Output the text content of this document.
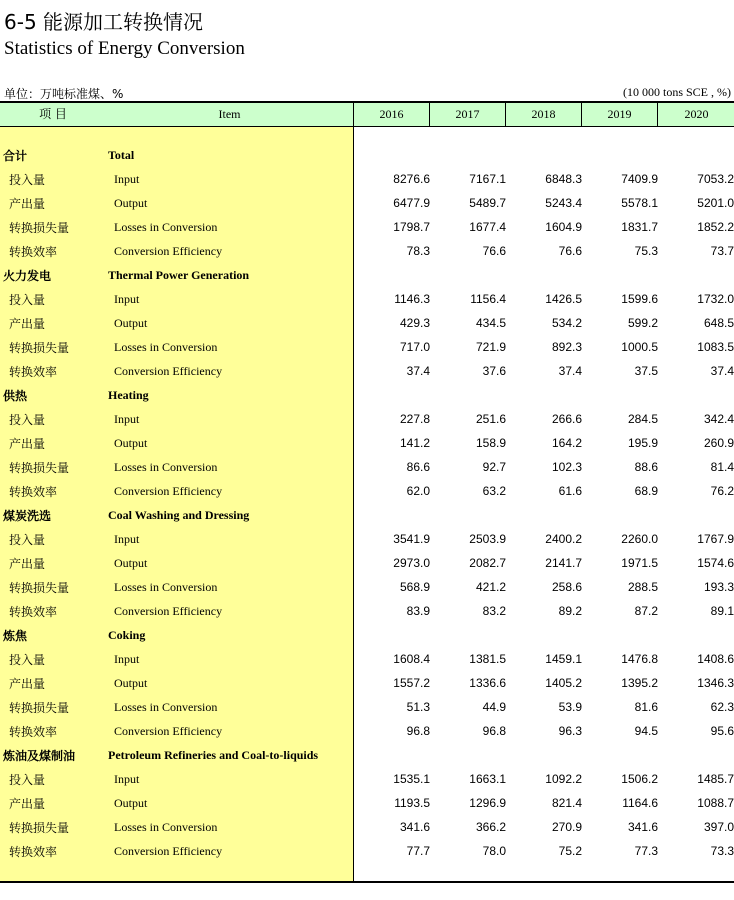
6-5 能源加工转换情况
Statistics of Energy Conversion
单位：万吨标准煤、%	(10 000 tons SCE , %)
项 目	Item	2016	2017	2018	2019	2020
合计	Total
投入量	Input	8276.6	7167.1	6848.3	7409.9	7053.2
产出量	Output	6477.9	5489.7	5243.4	5578.1	5201.0
转换损失量	Losses in Conversion	1798.7	1677.4	1604.9	1831.7	1852.2
转换效率	Conversion Efficiency	78.3	76.6	76.6	75.3	73.7
火力发电	Thermal Power Generation
投入量	Input	1146.3	1156.4	1426.5	1599.6	1732.0
产出量	Output	429.3	434.5	534.2	599.2	648.5
转换损失量	Losses in Conversion	717.0	721.9	892.3	1000.5	1083.5
转换效率	Conversion Efficiency	37.4	37.6	37.4	37.5	37.4
供热	Heating
投入量	Input	227.8	251.6	266.6	284.5	342.4
产出量	Output	141.2	158.9	164.2	195.9	260.9
转换损失量	Losses in Conversion	86.6	92.7	102.3	88.6	81.4
转换效率	Conversion Efficiency	62.0	63.2	61.6	68.9	76.2
煤炭洗选	Coal Washing and Dressing
投入量	Input	3541.9	2503.9	2400.2	2260.0	1767.9
产出量	Output	2973.0	2082.7	2141.7	1971.5	1574.6
转换损失量	Losses in Conversion	568.9	421.2	258.6	288.5	193.3
转换效率	Conversion Efficiency	83.9	83.2	89.2	87.2	89.1
炼焦	Coking
投入量	Input	1608.4	1381.5	1459.1	1476.8	1408.6
产出量	Output	1557.2	1336.6	1405.2	1395.2	1346.3
转换损失量	Losses in Conversion	51.3	44.9	53.9	81.6	62.3
转换效率	Conversion Efficiency	96.8	96.8	96.3	94.5	95.6
炼油及煤制油	Petroleum Refineries and Coal-to-liquids
投入量	Input	1535.1	1663.1	1092.2	1506.2	1485.7
产出量	Output	1193.5	1296.9	821.4	1164.6	1088.7
转换损失量	Losses in Conversion	341.6	366.2	270.9	341.6	397.0
转换效率	Conversion Efficiency	77.7	78.0	75.2	77.3	73.3
